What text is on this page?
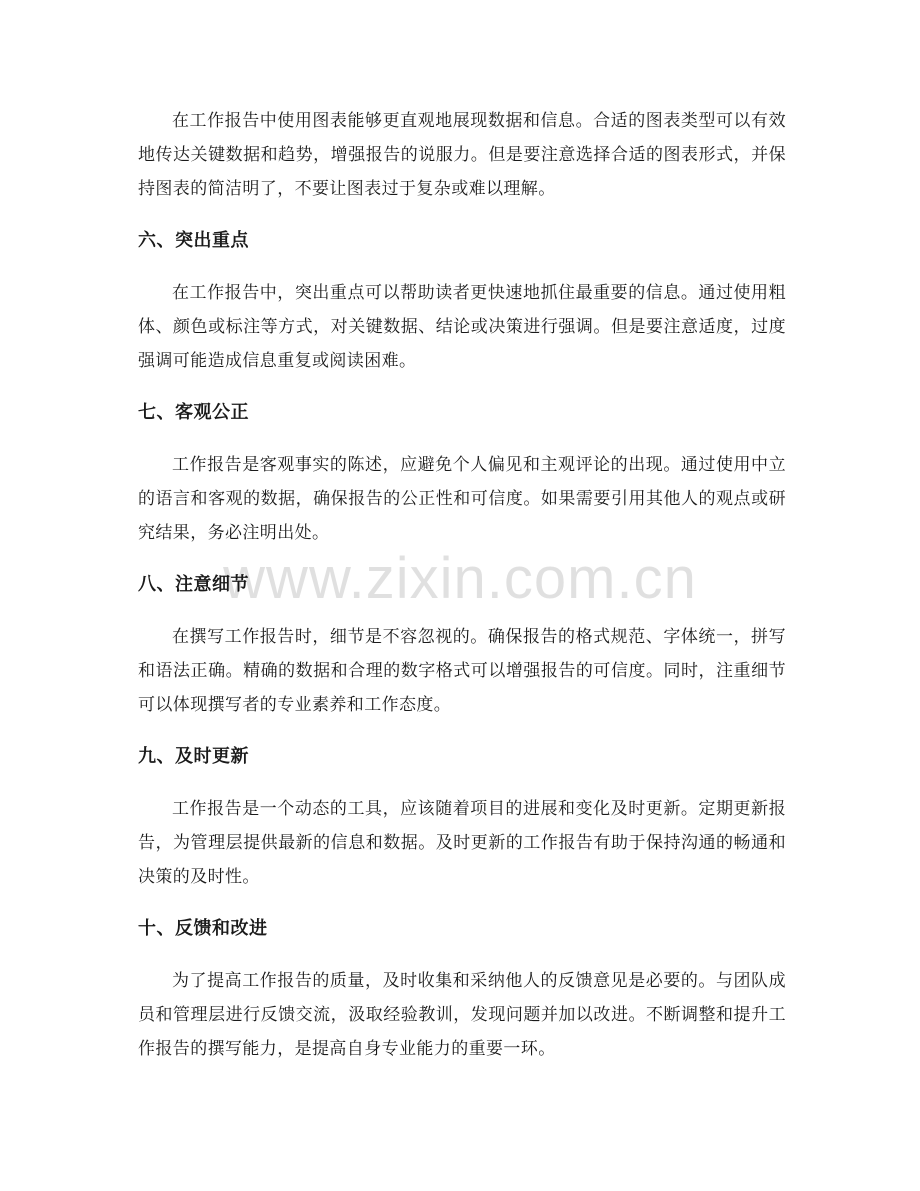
在工作报告中使用图表能够更直观地展现数据和信息。合适的图表类型可以有效地传达关键数据和趋势，增强报告的说服力。但是要注意选择合适的图表形式，并保持图表的简洁明了，不要让图表过于复杂或难以理解。

六、突出重点

在工作报告中，突出重点可以帮助读者更快速地抓住最重要的信息。通过使用粗体、颜色或标注等方式，对关键数据、结论或决策进行强调。但是要注意适度，过度强调可能造成信息重复或阅读困难。

七、客观公正

工作报告是客观事实的陈述，应避免个人偏见和主观评论的出现。通过使用中立的语言和客观的数据，确保报告的公正性和可信度。如果需要引用其他人的观点或研究结果，务必注明出处。

八、注意细节

在撰写工作报告时，细节是不容忽视的。确保报告的格式规范、字体统一，拼写和语法正确。精确的数据和合理的数字格式可以增强报告的可信度。同时，注重细节可以体现撰写者的专业素养和工作态度。

九、及时更新

工作报告是一个动态的工具，应该随着项目的进展和变化及时更新。定期更新报告，为管理层提供最新的信息和数据。及时更新的工作报告有助于保持沟通的畅通和决策的及时性。

十、反馈和改进

为了提高工作报告的质量，及时收集和采纳他人的反馈意见是必要的。与团队成员和管理层进行反馈交流，汲取经验教训，发现问题并加以改进。不断调整和提升工作报告的撰写能力，是提高自身专业能力的重要一环。

www.zixin.com.cn
